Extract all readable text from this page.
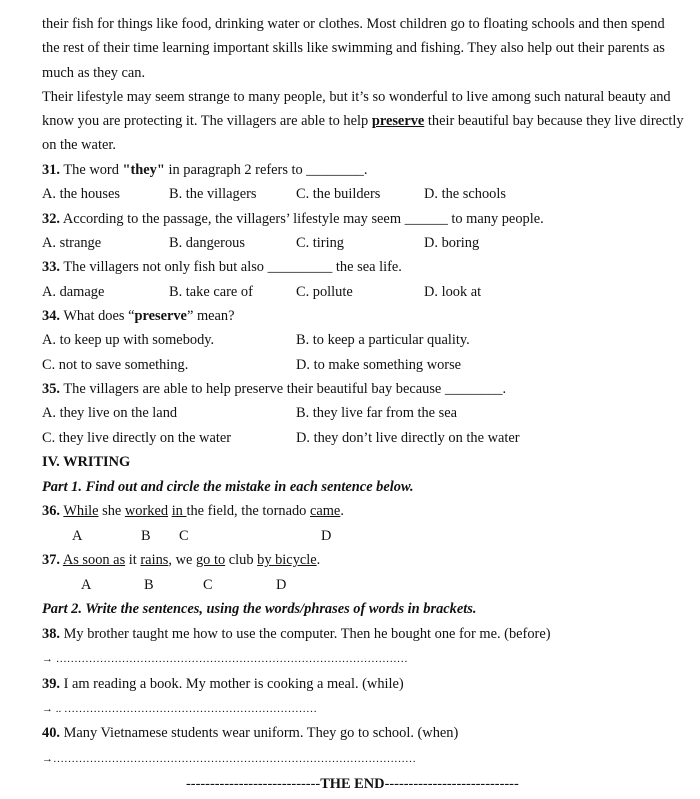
their fish for things like food, drinking water or clothes. Most children go to floating schools and then spend
the rest of their time learning important skills like swimming and fishing. They also help out their parents as
much as they can.
Their lifestyle may seem strange to many people, but it’s so wonderful to live among such natural beauty and
know you are protecting it. The villagers are able to help preserve their beautiful bay because they live directly
on the water.
31. The word "they" in paragraph 2 refers to ________.
A. the houses	B. the villagers	C. the builders	D. the schools
32. According to the passage, the villagers’ lifestyle may seem ______ to many people.
A. strange	B. dangerous	C. tiring	D. boring
33. The villagers not only fish but also _________ the sea life.
A. damage	B. take care of	C. pollute	D. look at
34. What does “preserve” mean?
A. to keep up with somebody.	B. to keep a particular quality.
C. not to save something.	D. to make something worse
35. The villagers are able to help preserve their beautiful bay because ________.
A. they live on the land	B. they live far from the sea
C. they live directly on the water	D. they don’t live directly on the water
IV. WRITING
Part 1. Find out and circle the mistake in each sentence below.
36. While she worked in the field, the tornado came.
A	B C	D
37. As soon as it rains, we go to club by bicycle.
A	B	C	D
Part 2. Write the sentences, using the words/phrases of words in brackets.
38. My brother taught me how to use the computer. Then he bought one for me. (before)
→ ……………………………………………………………………………………
39. I am reading a book. My mother is cooking a meal. (while)
→ .. ……………………………………………………………
40. Many Vietnamese students wear uniform. They go to school. (when)
→………………………………………………………………………………………
----------------------------THE END----------------------------
